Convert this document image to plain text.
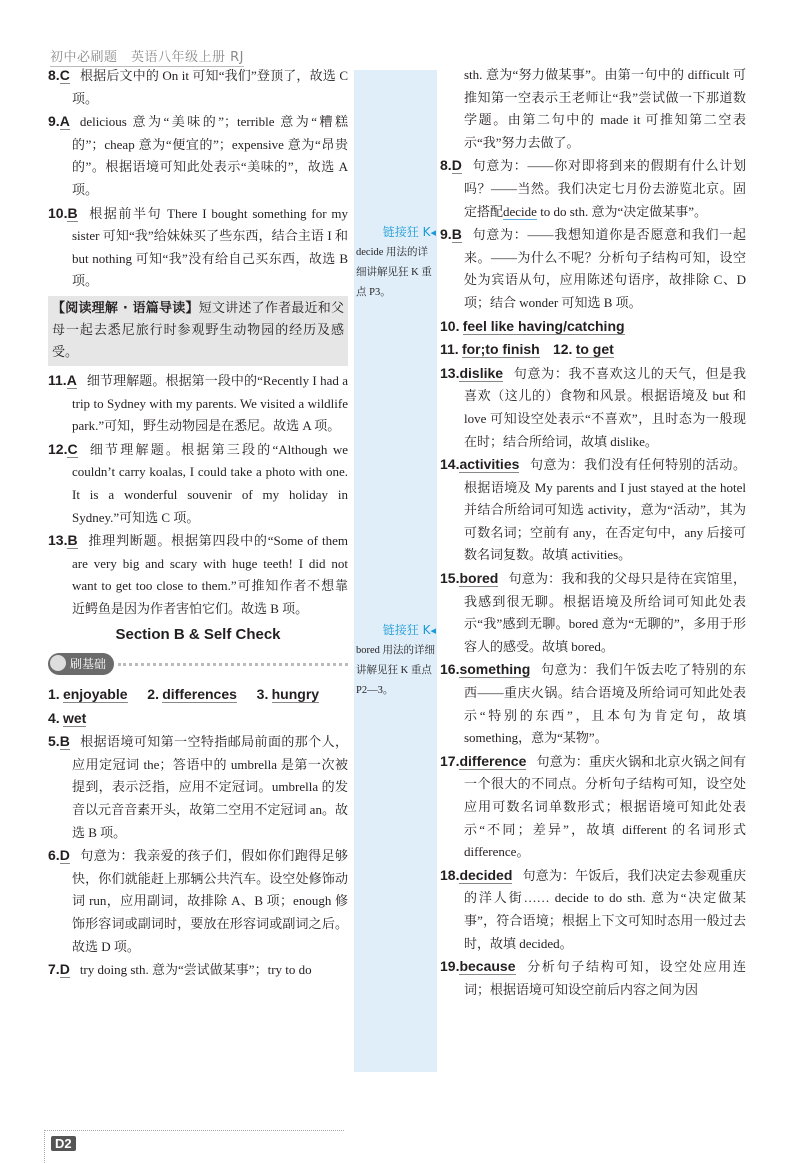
初中必刷题　英语八年级上册 RJ
链接狂 K ◂
decide 用法的详细讲解见狂 K 重点 P3。
链接狂 K ◂
bored 用法的详细讲解见狂 K 重点 P2—3。
8.C 根据后文中的 On it 可知“我们”登顶了，故选 C 项。
9.A delicious 意为“美味的”；terrible 意为“糟糕的”；cheap 意为“便宜的”；expensive 意为“昂贵的”。根据语境可知此处表示“美味的”，故选 A 项。
10.B 根据前半句 There I bought something for my sister 可知“我”给妹妹买了些东西，结合主语 I 和 but nothing 可知“我”没有给自己买东西，故选 B 项。
【阅读理解 · 语篇导读】短文讲述了作者最近和父母一起去悉尼旅行时参观野生动物园的经历及感受。
11.A 细节理解题。根据第一段中的“Recently I had a trip to Sydney with my parents. We visited a wildlife park.”可知，野生动物园是在悉尼。故选 A 项。
12.C 细节理解题。根据第三段的“Although we couldn’t carry koalas, I could take a photo with one. It is a wonderful souvenir of my holiday in Sydney.”可知选 C 项。
13.B 推理判断题。根据第四段中的“Some of them are very big and scary with huge teeth! I did not want to get too close to them.”可推知作者不想靠近鳄鱼是因为作者害怕它们。故选 B 项。
Section B & Self Check
刷基础
1. enjoyable 2. differences 3. hungry
4. wet
5.B 根据语境可知第一空特指邮局前面的那个人，应用定冠词 the；答语中的 umbrella 是第一次被提到，表示泛指，应用不定冠词。umbrella 的发音以元音音素开头，故第二空用不定冠词 an。故选 B 项。
6.D 句意为：我亲爱的孩子们，假如你们跑得足够快，你们就能赶上那辆公共汽车。设空处修饰动词 run，应用副词，故排除 A、B 项；enough 修饰形容词或副词时，要放在形容词或副词之后。故选 D 项。
7.D try doing sth. 意为“尝试做某事”；try to do
sth. 意为“努力做某事”。由第一句中的 difficult 可推知第一空表示王老师让“我”尝试做一下那道数学题。由第二句中的 made it 可推知第二空表示“我”努力去做了。
8.D 句意为：——你对即将到来的假期有什么计划吗？——当然。我们决定七月份去游览北京。固定搭配decide to do sth. 意为“决定做某事”。
9.B 句意为：——我想知道你是否愿意和我们一起来。——为什么不呢？分析句子结构可知，设空处为宾语从句，应用陈述句语序，故排除 C、D 项；结合 wonder 可知选 B 项。
10. feel like having/catching
11. for;to finish 12. to get
13.dislike 句意为：我不喜欢这儿的天气，但是我喜欢（这儿的）食物和风景。根据语境及 but 和 love 可知设空处表示“不喜欢”，且时态为一般现在时；结合所给词，故填 dislike。
14.activities 句意为：我们没有任何特别的活动。根据语境及 My parents and I just stayed at the hotel 并结合所给词可知选 activity，意为“活动”，其为可数名词；空前有 any，在否定句中，any 后接可数名词复数。故填 activities。
15.bored 句意为：我和我的父母只是待在宾馆里，我感到很无聊。根据语境及所给词可知此处表示“我”感到无聊。bored 意为“无聊的”，多用于形容人的感受。故填 bored。
16.something 句意为：我们午饭去吃了特别的东西——重庆火锅。结合语境及所给词可知此处表示“特别的东西”，且本句为肯定句，故填 something，意为“某物”。
17.difference 句意为：重庆火锅和北京火锅之间有一个很大的不同点。分析句子结构可知，设空处应用可数名词单数形式；根据语境可知此处表示“不同；差异”，故填 different 的名词形式 difference。
18.decided 句意为：午饭后，我们决定去参观重庆的洋人街…… decide to do sth. 意为“决定做某事”，符合语境；根据上下文可知时态用一般过去时，故填 decided。
19.because 分析句子结构可知，设空处应用连词；根据语境可知设空前后内容之间为因
D2
